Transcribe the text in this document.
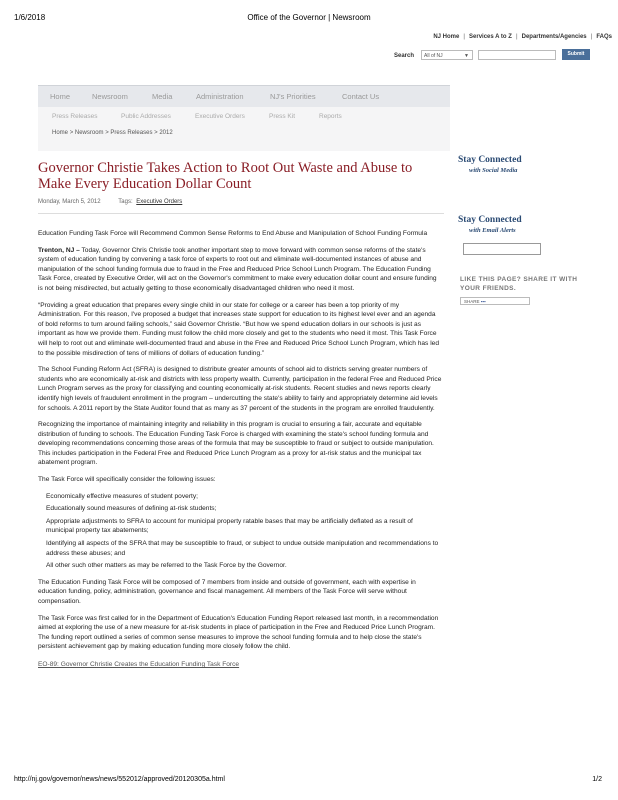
Office of the Governor | Newsroom
1/6/2018
NJ Home | Services A to Z | Departments/Agencies | FAQs
Search	All of NJ	▼	Submit
Home	Newsroom	Media	Administration	NJ's Priorities	Contact Us
Press Releases	Public Addresses	Executive Orders	Press Kit	Reports
Home > Newsroom > Press Releases > 2012
Governor Christie Takes Action to Root Out Waste and Abuse to Make Every Education Dollar Count
Monday, March 5, 2012	Tags: Executive Orders

Education Funding Task Force will Recommend Common Sense Reforms to End Abuse and Manipulation of School Funding Formula

Trenton, NJ – Today, Governor Chris Christie took another important step to move forward with common sense reforms of the state's system of education funding by convening a task force of experts to root out and eliminate well-documented instances of abuse and manipulation of the school funding formula due to fraud in the Free and Reduced Price School Lunch Program. The Education Funding Task Force, created by Executive Order, will act on the Governor's commitment to make every education dollar count and ensure funding is not being misdirected, but actually getting to those economically disadvantaged children who need it most.

“Providing a great education that prepares every single child in our state for college or a career has been a top priority of my Administration. For this reason, I've proposed a budget that increases state support for education to its highest level ever and an agenda of bold reforms to turn around failing schools,” said Governor Christie. “But how we spend education dollars in our schools is just as important as how we provide them. Funding must follow the child more closely and get to the students who need it most. This Task Force will help to root out and eliminate well-documented fraud and abuse in the Free and Reduced Price School Lunch Program, which has led to the possible misdirection of tens of millions of dollars of education funding.”

The School Funding Reform Act (SFRA) is designed to distribute greater amounts of school aid to districts serving greater numbers of students who are economically at-risk and districts with less property wealth. Currently, participation in the federal Free and Reduced Price Lunch Program serves as the proxy for classifying and counting economically at-risk students. Recent studies and news reports clearly identify high levels of fraudulent enrollment in the program – undercutting the state's ability to fairly and appropriately determine aid levels for schools. A 2011 report by the State Auditor found that as many as 37 percent of the students in the program are enrolled fraudulently.

Recognizing the importance of maintaining integrity and reliability in this program is crucial to ensuring a fair, accurate and equitable distribution of funding to schools. The Education Funding Task Force is charged with examining the state's school funding formula and developing recommendations concerning those areas of the formula that may be susceptible to fraud or subject to outside manipulation. This includes participation in the Federal Free and Reduced Price Lunch Program as a proxy for at-risk status and the municipal tax abatement program.

The Task Force will specifically consider the following issues:

Economically effective measures of student poverty;
Educationally sound measures of defining at-risk students;
Appropriate adjustments to SFRA to account for municipal property ratable bases that may be artificially deflated as a result of municipal property tax abatements;
Identifying all aspects of the SFRA that may be susceptible to fraud, or subject to undue outside manipulation and recommendations to address these abuses; and
All other such other matters as may be referred to the Task Force by the Governor.

The Education Funding Task Force will be composed of 7 members from inside and outside of government, each with expertise in education funding, policy, administration, governance and fiscal management. All members of the Task Force will serve without compensation.

The Task Force was first called for in the Department of Education's Education Funding Report released last month, in a recommendation aimed at exploring the use of a new measure for at-risk students in place of participation in the Free and Reduced Price Lunch Program. The funding report outlined a series of common sense measures to improve the school funding formula and to help close the state's persistent achievement gap by making education funding more closely follow the child.

EO-89: Governor Christie Creates the Education Funding Task Force
Stay Connected
with Social Media
Stay Connected
with Email Alerts
LIKE THIS PAGE? SHARE IT WITH YOUR FRIENDS.
SHARE ▪▪▪
http://nj.gov/governor/news/news/552012/approved/20120305a.html	1/2
